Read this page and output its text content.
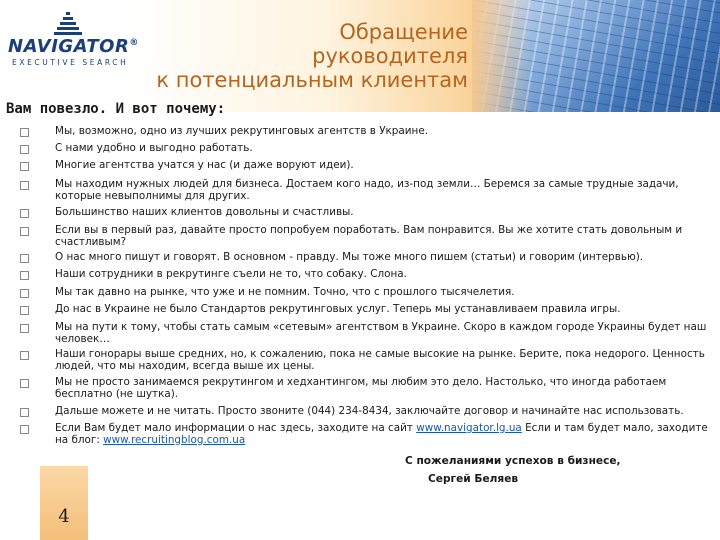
NAVIGATOR®
EXECUTIVE SEARCH
Обращение
руководителя
к потенциальным клиентам
Вам повезло. И вот почему:
Мы, возможно, одно из лучших рекрутинговых агентств в Украине.
С нами удобно и выгодно работать.
Многие агентства учатся у нас (и даже воруют идеи).
Мы находим нужных людей для бизнеса. Достаем кого надо, из-под земли… Беремся за самые трудные задачи, которые невыполнимы для других.
Большинство наших клиентов довольны и счастливы.
Если вы в первый раз, давайте просто попробуем поработать. Вам понравится. Вы же хотите стать довольным и счастливым?
О нас много пишут и говорят. В основном - правду. Мы тоже много пишем (статьи) и говорим (интервью).
Наши сотрудники в рекрутинге съели не то, что собаку. Слона.
Мы так давно на рынке, что уже и не помним. Точно, что с прошлого тысячелетия.
До нас в Украине не было Стандартов рекрутинговых услуг. Теперь мы устанавливаем правила игры.
Мы на пути к тому, чтобы стать самым «сетевым» агентством в Украине. Скоро в каждом городе Украины будет наш человек…
Наши гонорары выше средних, но, к сожалению, пока не самые высокие на рынке. Берите, пока недорого. Ценность людей, что мы находим, всегда выше их цены.
Мы не просто занимаемся рекрутингом и хедхантингом, мы любим это дело. Настолько, что иногда работаем бесплатно (не шутка).
Дальше можете и не читать. Просто звоните (044) 234-8434, заключайте договор и начинайте нас использовать.
Если Вам будет мало информации о нас здесь, заходите на сайт www.navigator.lg.ua Если и там будет мало, заходите на блог: www.recruitingblog.com.ua
С пожеланиями успехов в бизнесе,
Сергей Беляев
4
